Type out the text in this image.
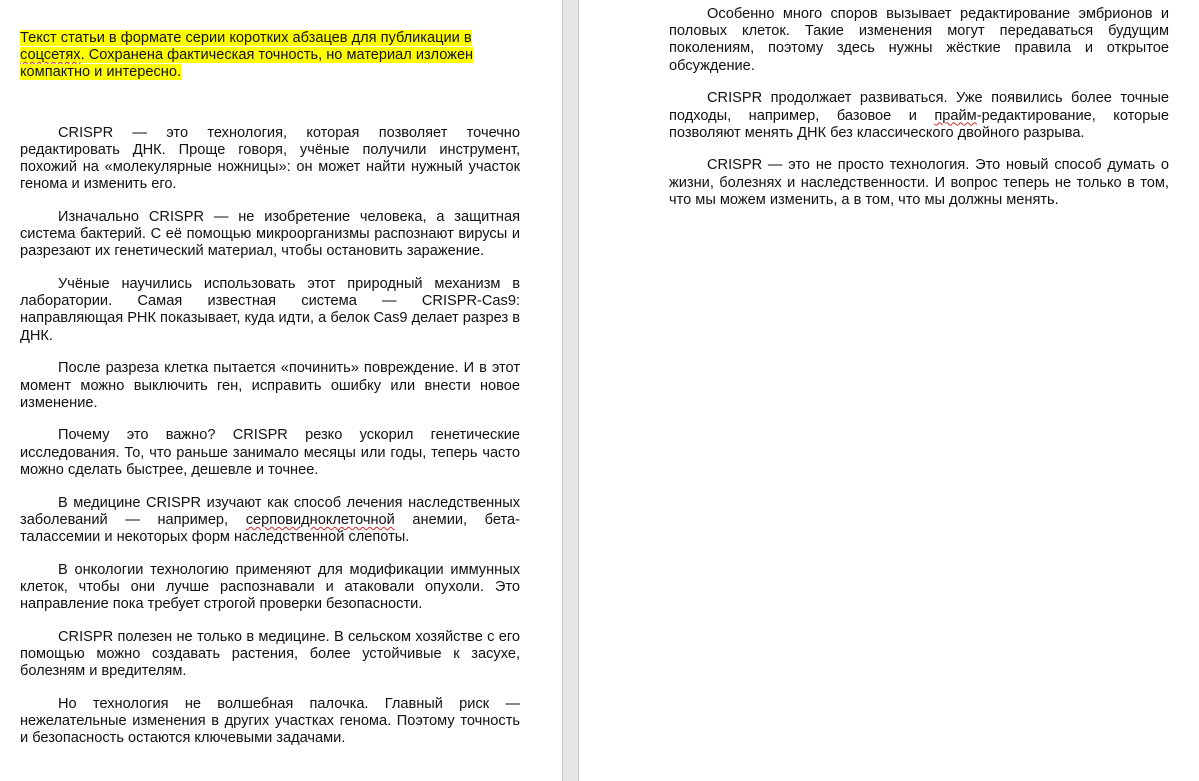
Текст статьи в формате серии коротких абзацев для публикации в соцсетях. Сохранена фактическая точность, но материал изложен компактно и интересно.

CRISPR — это технология, которая позволяет точечно редактировать ДНК. Проще говоря, учёные получили инструмент, похожий на «молекулярные ножницы»: он может найти нужный участок генома и изменить его.

Изначально CRISPR — не изобретение человека, а защитная система бактерий. С её помощью микроорганизмы распознают вирусы и разрезают их генетический материал, чтобы остановить заражение.

Учёные научились использовать этот природный механизм в лаборатории. Самая известная система — CRISPR-Cas9: направляющая РНК показывает, куда идти, а белок Cas9 делает разрез в ДНК.

После разреза клетка пытается «починить» повреждение. И в этот момент можно выключить ген, исправить ошибку или внести новое изменение.

Почему это важно? CRISPR резко ускорил генетические исследования. То, что раньше занимало месяцы или годы, теперь часто можно сделать быстрее, дешевле и точнее.

В медицине CRISPR изучают как способ лечения наследственных заболеваний — например, серповидноклеточной анемии, бета-талассемии и некоторых форм наследственной слепоты.

В онкологии технологию применяют для модификации иммунных клеток, чтобы они лучше распознавали и атаковали опухоли. Это направление пока требует строгой проверки безопасности.

CRISPR полезен не только в медицине. В сельском хозяйстве с его помощью можно создавать растения, более устойчивые к засухе, болезням и вредителям.

Но технология не волшебная палочка. Главный риск — нежелательные изменения в других участках генома. Поэтому точность и безопасность остаются ключевыми задачами.

Особенно много споров вызывает редактирование эмбрионов и половых клеток. Такие изменения могут передаваться будущим поколениям, поэтому здесь нужны жёсткие правила и открытое обсуждение.

CRISPR продолжает развиваться. Уже появились более точные подходы, например, базовое и прайм-редактирование, которые позволяют менять ДНК без классического двойного разрыва.

CRISPR — это не просто технология. Это новый способ думать о жизни, болезнях и наследственности. И вопрос теперь не только в том, что мы можем изменить, а в том, что мы должны менять.
